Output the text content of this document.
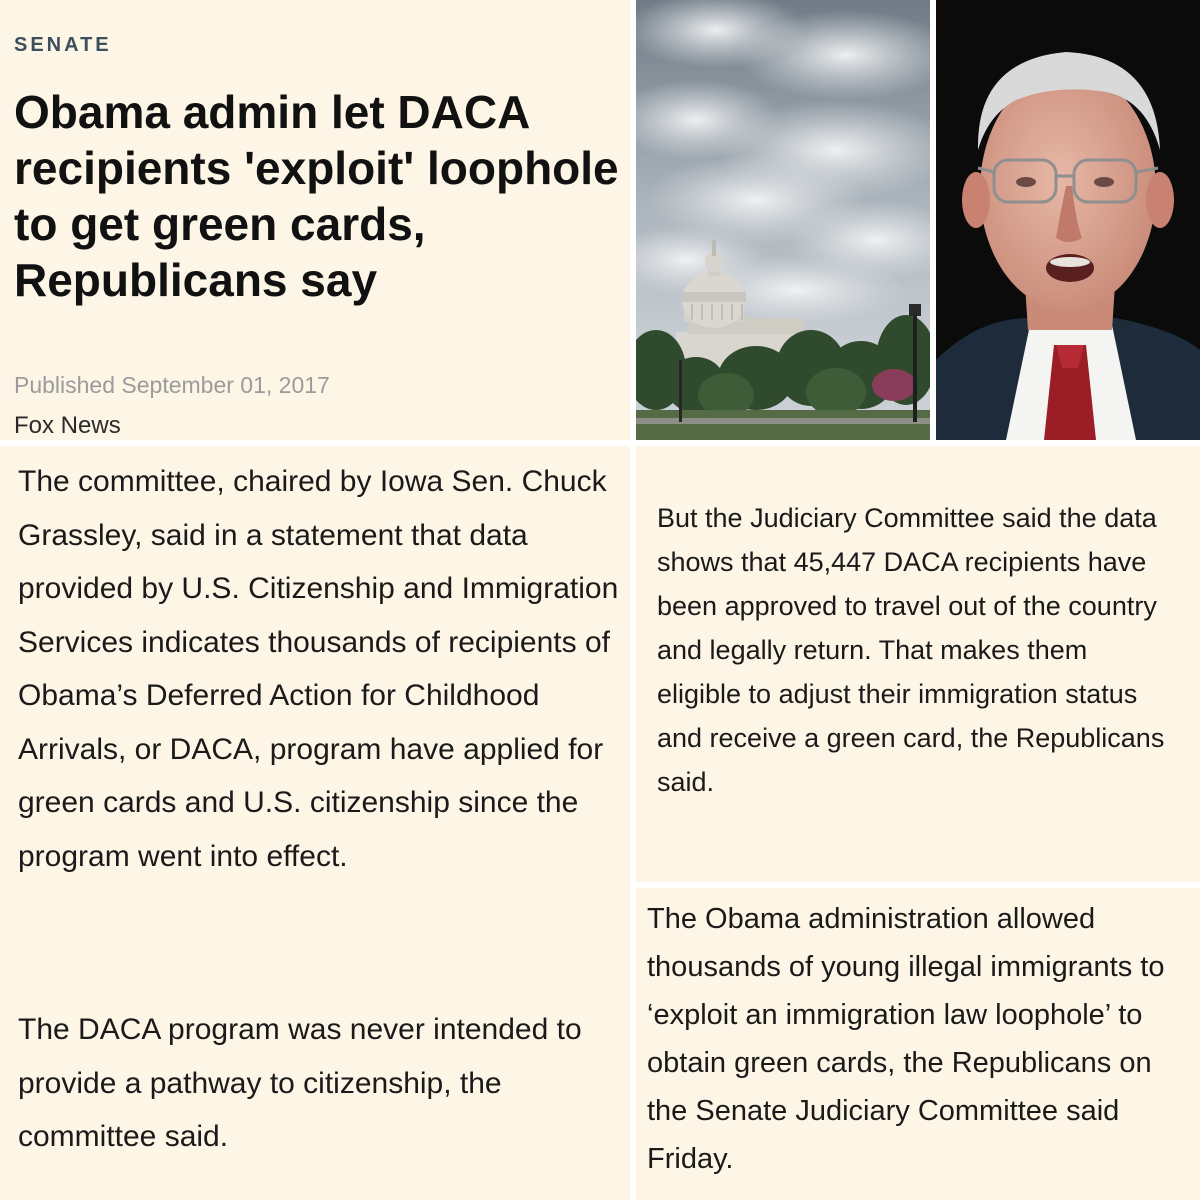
SENATE
Obama admin let DACA recipients 'exploit' loophole to get green cards, Republicans say
Published September 01, 2017
Fox News

The committee, chaired by Iowa Sen. Chuck Grassley, said in a statement that data provided by U.S. Citizenship and Immigration Services indicates thousands of recipients of Obama’s Deferred Action for Childhood Arrivals, or DACA, program have applied for green cards and U.S. citizenship since the program went into effect.

The DACA program was never intended to provide a pathway to citizenship, the committee said.

But the Judiciary Committee said the data shows that 45,447 DACA recipients have been approved to travel out of the country and legally return. That makes them eligible to adjust their immigration status and receive a green card, the Republicans said.

The Obama administration allowed thousands of young illegal immigrants to ‘exploit an immigration law loophole’ to obtain green cards, the Republicans on the Senate Judiciary Committee said Friday.
